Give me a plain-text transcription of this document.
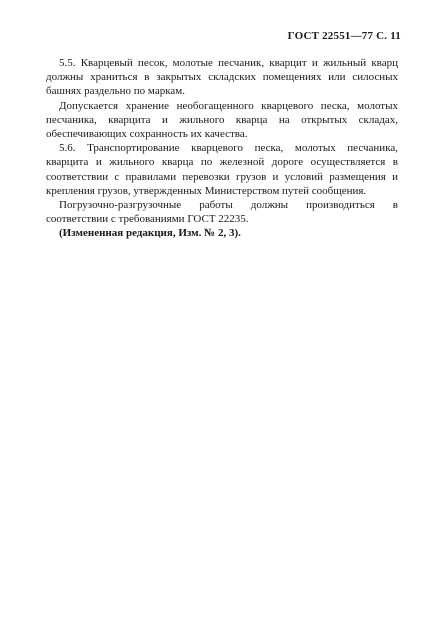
ГОСТ 22551—77 С. 11

5.5. Кварцевый песок, молотые песчаник, кварцит и жильный кварц должны храниться в закрытых складских помещениях или силосных башнях раздельно по маркам.

Допускается хранение необогащенного кварцевого песка, молотых песчаника, кварцита и жильного кварца на открытых складах, обеспечивающих сохранность их качества.

5.6. Транспортирование кварцевого песка, молотых песчаника, кварцита и жильного кварца по железной дороге осуществляется в соответствии с правилами перевозки грузов и условий размещения и крепления грузов, утвержденных Министерством путей сообщения.

Погрузочно-разгрузочные работы должны производиться в соответствии с требованиями ГОСТ 22235.

(Измененная редакция, Изм. № 2, 3).
